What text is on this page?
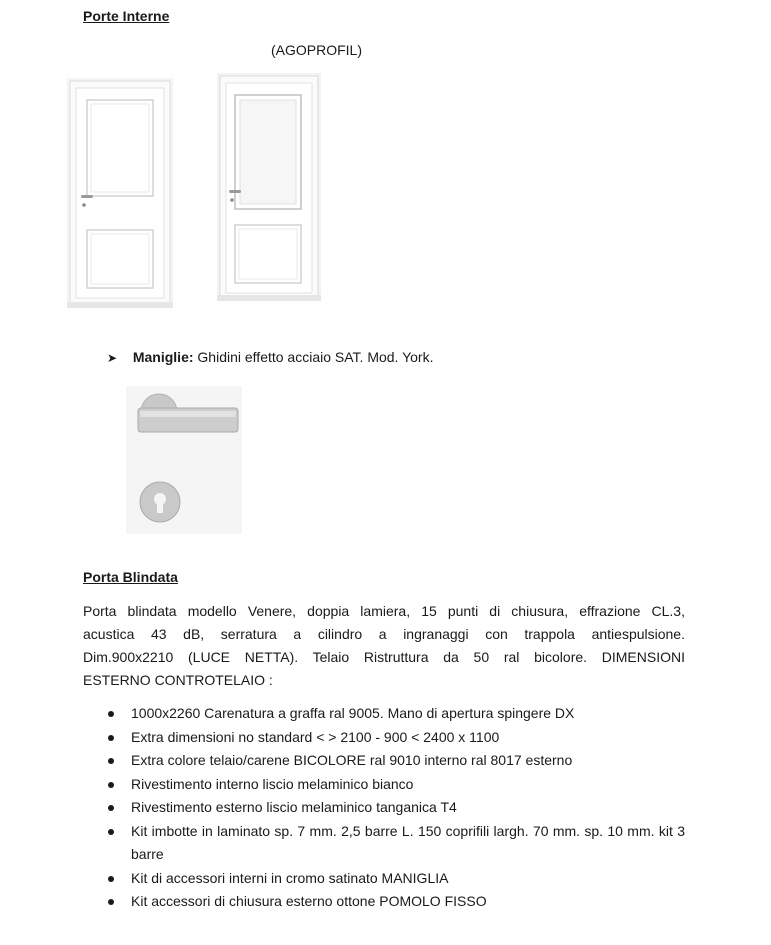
Porte Interne
(AGOPROFIL)
➤ Maniglie: Ghidini effetto acciaio SAT. Mod. York.
Porta Blindata
Porta blindata modello Venere, doppia lamiera, 15 punti di chiusura, effrazione CL.3,
acustica 43 dB, serratura a cilindro a ingranaggi con trappola antiespulsione.
Dim.900x2210 (LUCE NETTA). Telaio Ristruttura da 50 ral bicolore. DIMENSIONI
ESTERNO CONTROTELAIO :
1000x2260 Carenatura a graffa ral 9005. Mano di apertura spingere DX
Extra dimensioni no standard < > 2100 - 900 < 2400 x 1100
Extra colore telaio/carene BICOLORE ral 9010 interno ral 8017 esterno
Rivestimento interno liscio melaminico bianco
Rivestimento esterno liscio melaminico tanganica T4
Kit imbotte in laminato sp. 7 mm. 2,5 barre L. 150 coprifili largh. 70 mm. sp. 10 mm. kit 3 barre
Kit di accessori interni in cromo satinato MANIGLIA
Kit accessori di chiusura esterno ottone POMOLO FISSO
